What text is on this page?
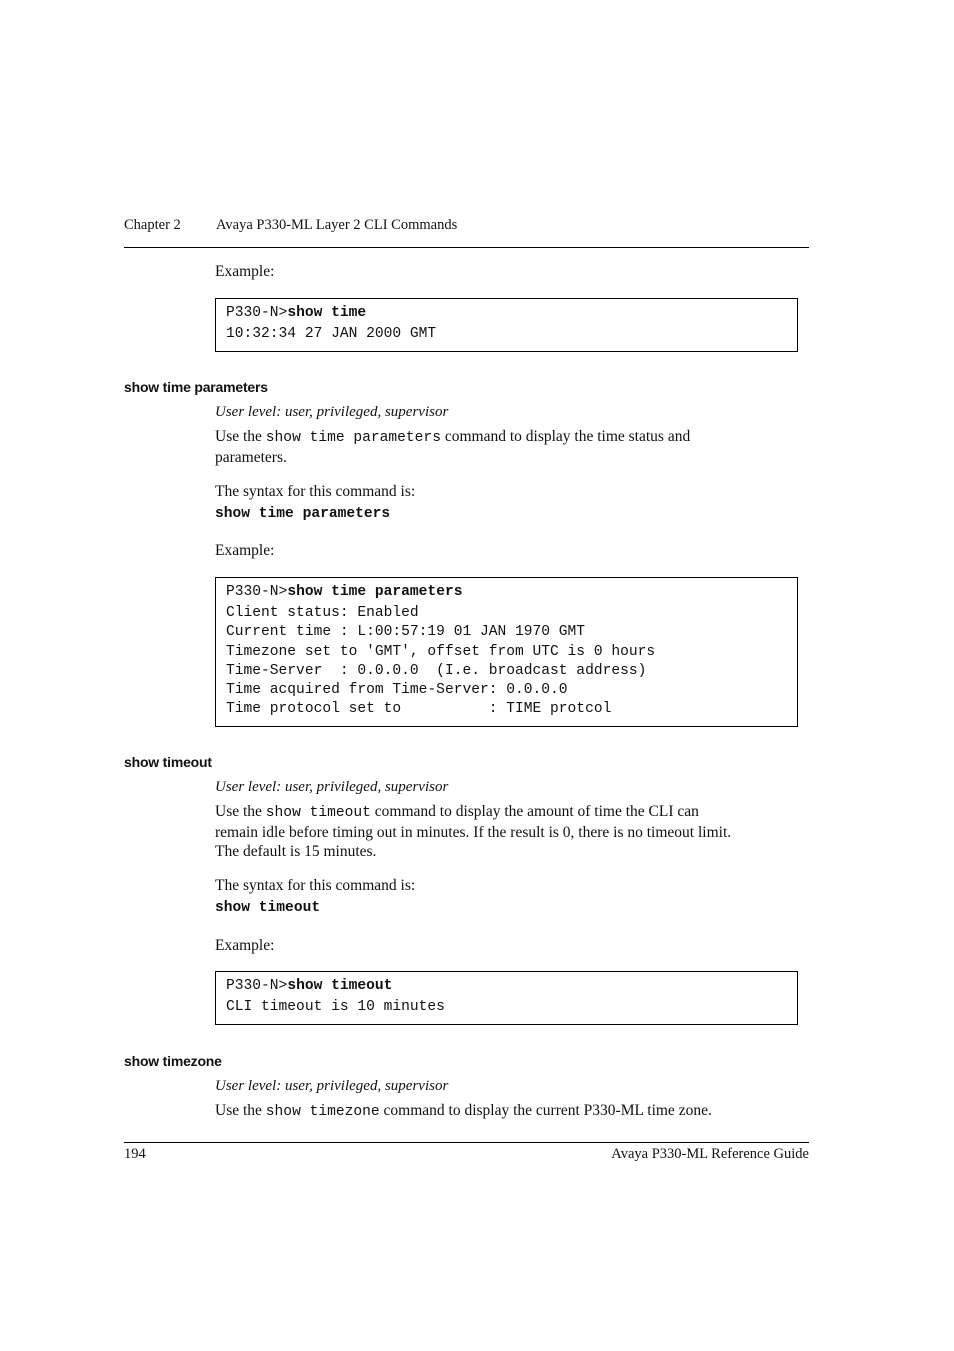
Chapter 2 Avaya P330-ML Layer 2 CLI Commands
Example:
P330-N>show time
10:32:34 27 JAN 2000 GMT
show time parameters
User level: user, privileged, supervisor
Use the show time parameters command to display the time status and
parameters.
The syntax for this command is:
show time parameters
Example:
P330-N>show time parameters
Client status: Enabled
Current time : L:00:57:19 01 JAN 1970 GMT
Timezone set to 'GMT', offset from UTC is 0 hours
Time-Server  : 0.0.0.0  (I.e. broadcast address)
Time acquired from Time-Server: 0.0.0.0
Time protocol set to          : TIME protcol
show timeout
User level: user, privileged, supervisor
Use the show timeout command to display the amount of time the CLI can
remain idle before timing out in minutes. If the result is 0, there is no timeout limit.
The default is 15 minutes.
The syntax for this command is:
show timeout
Example:
P330-N>show timeout
CLI timeout is 10 minutes
show timezone
User level: user, privileged, supervisor
Use the show timezone command to display the current P330-ML time zone.
194	Avaya P330-ML Reference Guide
